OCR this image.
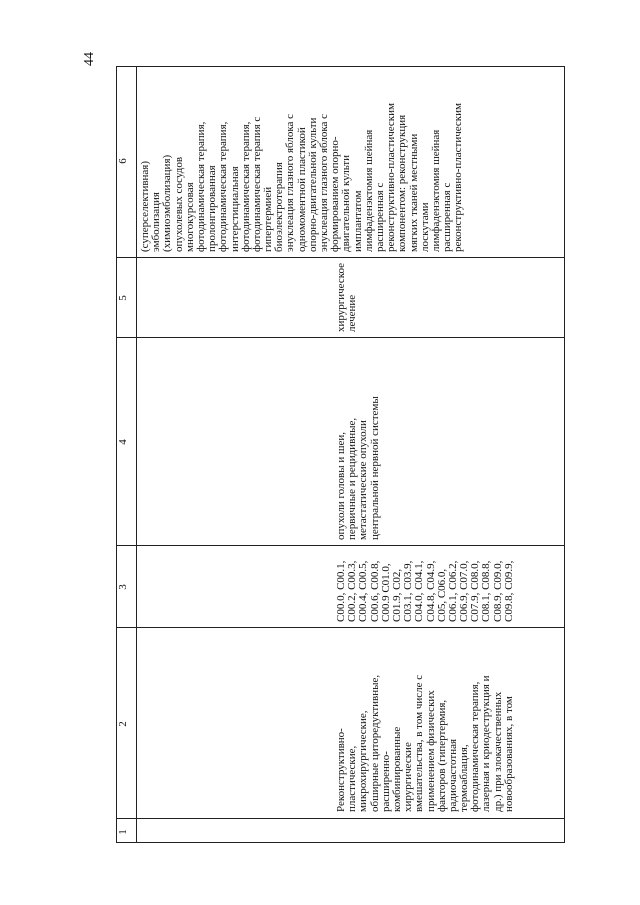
44
1
2
3
4
5
6
Реконструктивно- пластические, микрохирургические, обширные циторедуктивные, расширенно- комбинированные хирургические вмешательства, в том числе с применением физических факторов (гипертермия, радиочастотная термоаблация, фотодинамическая терапия, лазерная и криодеструкция и др.) при злокачественных новообразованиях, в том
C00.0, C00.1, C00.2, C00.3, C00.4, C00.5, C00.6, C00.8, C00.9 C01.0, C01.9, C02, C03.1, C03.9, C04.0, C04.1, C04.8, C04.9, C05, C06.0, C06.1, C06.2, C06.9, C07.0, C07.9, C08.0, C08.1, C08.8, C08.9, C09.0, C09.8, C09.9,
опухоли головы и шеи, первичные и рецидивные, метастатические опухоли центральной нервной системы
хирургическое лечение
(суперселективная) эмболизация (химиоэмболизация) опухолевых сосудов многокурсовая фотодинамическая терапия, пролонгированная фотодинамическая терапия, интерстициальная фотодинамическая терапия, фотодинамическая терапия с гипертермией биоэлектротерапия энуклеация глазного яблока с одномоментной пластикой опорно-двигательной культи энуклеация глазного яблока с формированием опорно- двигательной культи имплантатом лимфаденэктомия шейная расширенная с реконструктивно-пластическим компонентом: реконструкция мягких тканей местными лоскутами лимфаденэктомия шейная расширенная с реконструктивно-пластическим
